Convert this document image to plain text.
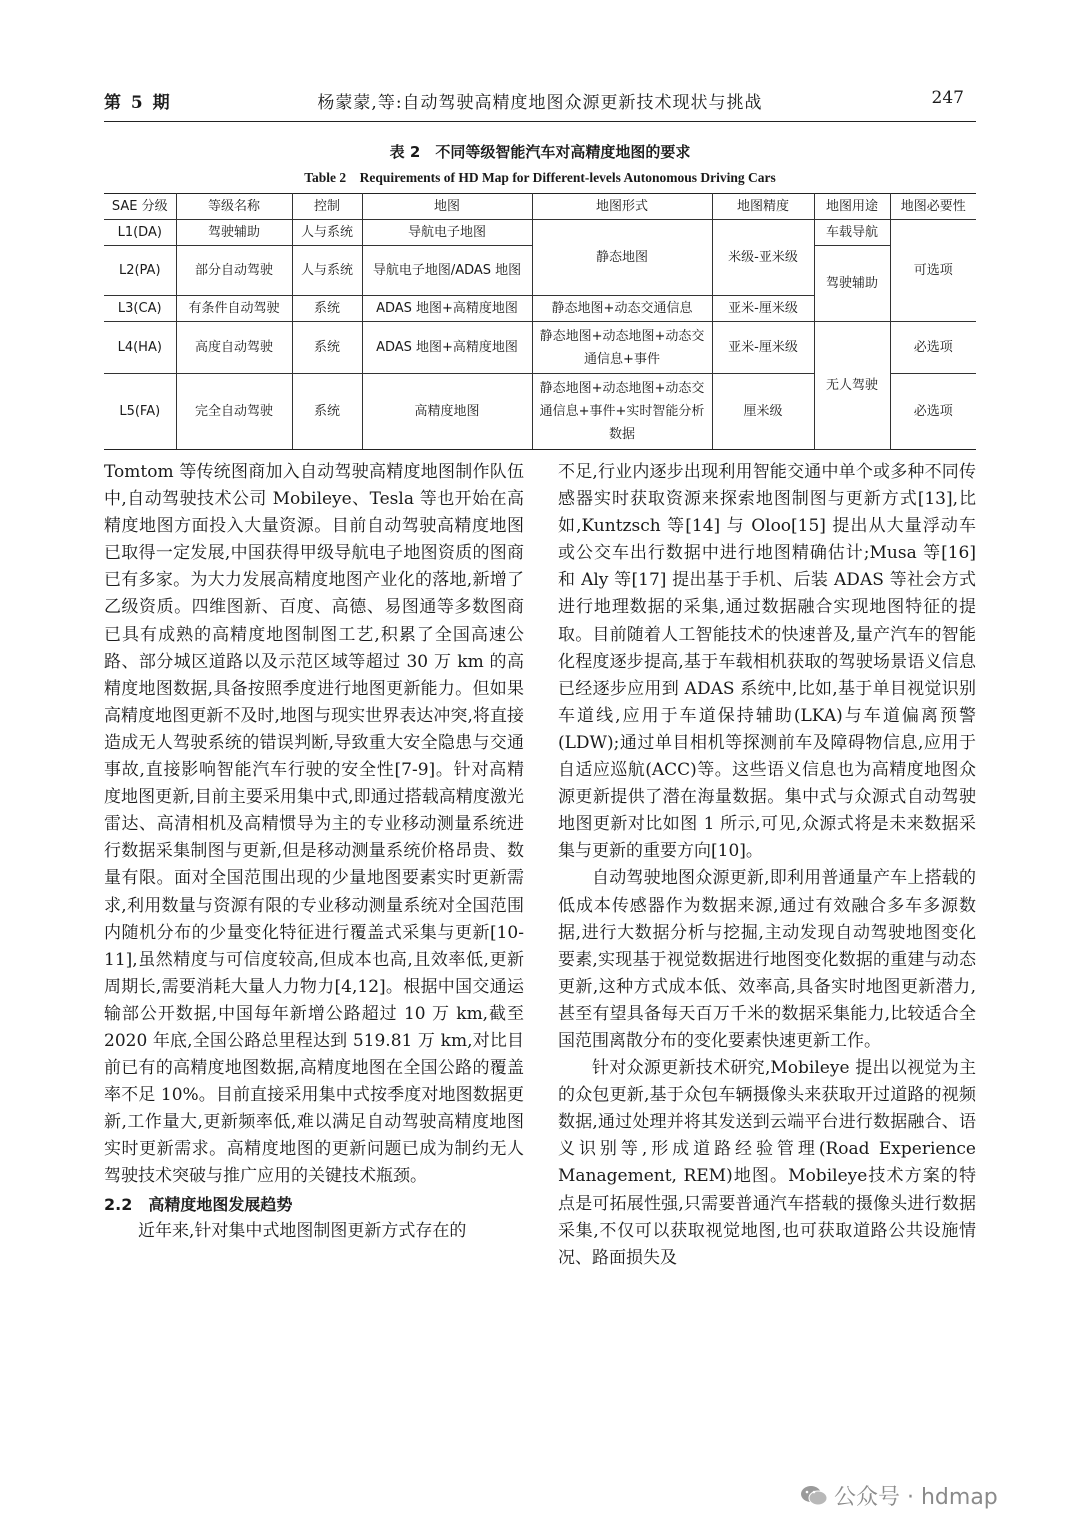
第 5 期	杨蒙蒙,等:自动驾驶高精度地图众源更新技术现状与挑战	247
表 2　不同等级智能汽车对高精度地图的要求
Table 2　Requirements of HD Map for Different-levels Autonomous Driving Cars
SAE 分级	等级名称	控制	地图	地图形式	地图精度	地图用途	地图必要性
L1(DA)	驾驶辅助	人与系统	导航电子地图	静态地图	米级-亚米级	车载导航	可选项
L2(PA)	部分自动驾驶	人与系统	导航电子地图/ADAS 地图			驾驶辅助	
L3(CA)	有条件自动驾驶	系统	ADAS 地图+高精度地图	静态地图+动态交通信息	亚米-厘米级		
L4(HA)	高度自动驾驶	系统	ADAS 地图+高精度地图	静态地图+动态地图+动态交通信息+事件	亚米-厘米级	无人驾驶	必选项
L5(FA)	完全自动驾驶	系统	高精度地图	静态地图+动态地图+动态交通信息+事件+实时智能分析数据	厘米级		必选项

Tomtom 等传统图商加入自动驾驶高精度地图制作队伍中,自动驾驶技术公司 Mobileye、Tesla 等也开始在高精度地图方面投入大量资源。目前自动驾驶高精度地图已取得一定发展,中国获得甲级导航电子地图资质的图商已有多家。为大力发展高精度地图产业化的落地,新增了乙级资质。四维图新、百度、高德、易图通等多数图商已具有成熟的高精度地图制图工艺,积累了全国高速公路、部分城区道路以及示范区域等超过 30 万 km 的高精度地图数据,具备按照季度进行地图更新能力。但如果高精度地图更新不及时,地图与现实世界表达冲突,将直接造成无人驾驶系统的错误判断,导致重大安全隐患与交通事故,直接影响智能汽车行驶的安全性[7-9]。针对高精度地图更新,目前主要采用集中式,即通过搭载高精度激光雷达、高清相机及高精惯导为主的专业移动测量系统进行数据采集制图与更新,但是移动测量系统价格昂贵、数量有限。面对全国范围出现的少量地图要素实时更新需求,利用数量与资源有限的专业移动测量系统对全国范围内随机分布的少量变化特征进行覆盖式采集与更新[10-11],虽然精度与可信度较高,但成本也高,且效率低,更新周期长,需要消耗大量人力物力[4,12]。根据中国交通运输部公开数据,中国每年新增公路超过 10 万 km,截至 2020 年底,全国公路总里程达到 519.81 万 km,对比目前已有的高精度地图数据,高精度地图在全国公路的覆盖率不足 10%。目前直接采用集中式按季度对地图数据更新,工作量大,更新频率低,难以满足自动驾驶高精度地图实时更新需求。高精度地图的更新问题已成为制约无人驾驶技术突破与推广应用的关键技术瓶颈。

2.2　高精度地图发展趋势

近年来,针对集中式地图制图更新方式存在的

不足,行业内逐步出现利用智能交通中单个或多种不同传感器实时获取资源来探索地图制图与更新方式[13],比如,Kuntzsch 等[14] 与 Oloo[15] 提出从大量浮动车或公交车出行数据中进行地图精确估计;Musa 等[16] 和 Aly 等[17] 提出基于手机、后装 ADAS 等社会方式进行地理数据的采集,通过数据融合实现地图特征的提取。目前随着人工智能技术的快速普及,量产汽车的智能化程度逐步提高,基于车载相机获取的驾驶场景语义信息已经逐步应用到 ADAS 系统中,比如,基于单目视觉识别车道线,应用于车道保持辅助(LKA)与车道偏离预警(LDW);通过单目相机等探测前车及障碍物信息,应用于自适应巡航(ACC)等。这些语义信息也为高精度地图众源更新提供了潜在海量数据。集中式与众源式自动驾驶地图更新对比如图 1 所示,可见,众源式将是未来数据采集与更新的重要方向[10]。

自动驾驶地图众源更新,即利用普通量产车上搭载的低成本传感器作为数据来源,通过有效融合多车多源数据,进行大数据分析与挖掘,主动发现自动驾驶地图变化要素,实现基于视觉数据进行地图变化数据的重建与动态更新,这种方式成本低、效率高,具备实时地图更新潜力,甚至有望具备每天百万千米的数据采集能力,比较适合全国范围离散分布的变化要素快速更新工作。

针对众源更新技术研究,Mobileye 提出以视觉为主的众包更新,基于众包车辆摄像头来获取开过道路的视频数据,通过处理并将其发送到云端平台进行数据融合、语义识别等,形成道路经验管理(Road Experience Management, REM)地图。Mobileye技术方案的特点是可拓展性强,只需要普通汽车搭载的摄像头进行数据采集,不仅可以获取视觉地图,也可获取道路公共设施情况、路面损失及

公众号 · hdmap
